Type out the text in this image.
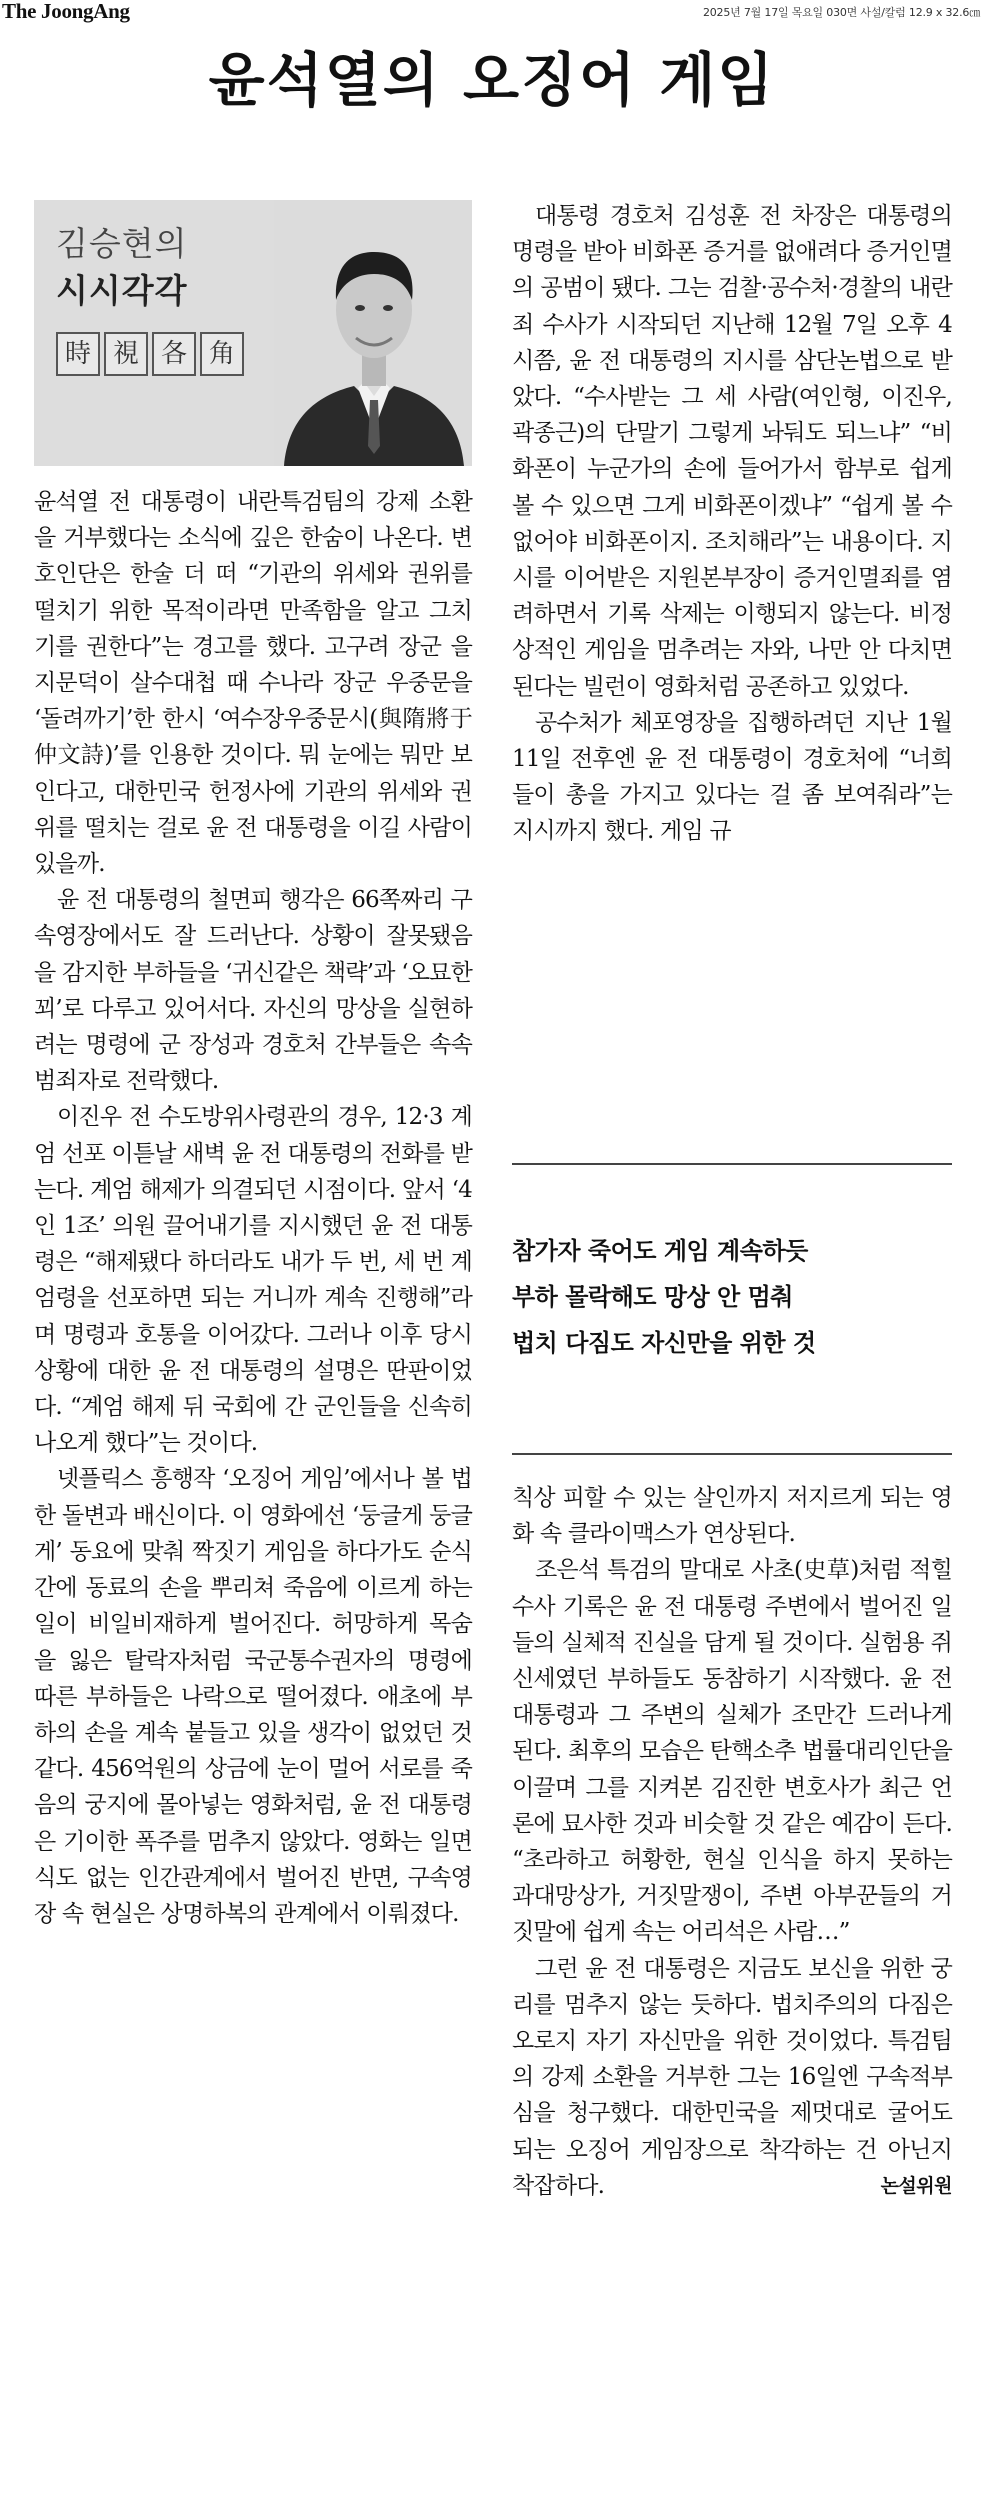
The JoongAng	2025년 7월 17일 목요일 030면 사설/칼럼 12.9 x 32.6㎝
윤석열의 오징어 게임
김승현의
시시각각
時 視 各 角

윤석열 전 대통령이 내란특검팀의 강제 소환을 거부했다는 소식에 깊은 한숨이 나온다. 변호인단은 한술 더 떠 “기관의 위세와 권위를 떨치기 위한 목적이라면 만족함을 알고 그치기를 권한다”는 경고를 했다. 고구려 장군 을지문덕이 살수대첩 때 수나라 장군 우중문을 ‘돌려까기’한 한시 ‘여수장우중문시(與隋將于仲文詩)’를 인용한 것이다. 뭐 눈에는 뭐만 보인다고, 대한민국 헌정사에 기관의 위세와 권위를 떨치는 걸로 윤 전 대통령을 이길 사람이 있을까.

윤 전 대통령의 철면피 행각은 66쪽짜리 구속영장에서도 잘 드러난다. 상황이 잘못됐음을 감지한 부하들을 ‘귀신같은 책략’과 ‘오묘한 꾀’로 다루고 있어서다. 자신의 망상을 실현하려는 명령에 군 장성과 경호처 간부들은 속속 범죄자로 전락했다.

이진우 전 수도방위사령관의 경우, 12·3 계엄 선포 이튿날 새벽 윤 전 대통령의 전화를 받는다. 계엄 해제가 의결되던 시점이다. 앞서 ‘4인 1조’ 의원 끌어내기를 지시했던 윤 전 대통령은 “해제됐다 하더라도 내가 두 번, 세 번 계엄령을 선포하면 되는 거니까 계속 진행해”라며 명령과 호통을 이어갔다. 그러나 이후 당시 상황에 대한 윤 전 대통령의 설명은 딴판이었다. “계엄 해제 뒤 국회에 간 군인들을 신속히 나오게 했다”는 것이다.

넷플릭스 흥행작 ‘오징어 게임’에서나 볼 법한 돌변과 배신이다. 이 영화에선 ‘둥글게 둥글게’ 동요에 맞춰 짝짓기 게임을 하다가도 순식간에 동료의 손을 뿌리쳐 죽음에 이르게 하는 일이 비일비재하게 벌어진다. 허망하게 목숨을 잃은 탈락자처럼 국군통수권자의 명령에 따른 부하들은 나락으로 떨어졌다. 애초에 부하의 손을 계속 붙들고 있을 생각이 없었던 것 같다. 456억원의 상금에 눈이 멀어 서로를 죽음의 궁지에 몰아넣는 영화처럼, 윤 전 대통령은 기이한 폭주를 멈추지 않았다. 영화는 일면식도 없는 인간관계에서 벌어진 반면, 구속영장 속 현실은 상명하복의 관계에서 이뤄졌다.

대통령 경호처 김성훈 전 차장은 대통령의 명령을 받아 비화폰 증거를 없애려다 증거인멸의 공범이 됐다. 그는 검찰·공수처·경찰의 내란죄 수사가 시작되던 지난해 12월 7일 오후 4시쯤, 윤 전 대통령의 지시를 삼단논법으로 받았다. “수사받는 그 세 사람(여인형, 이진우, 곽종근)의 단말기 그렇게 놔둬도 되느냐” “비화폰이 누군가의 손에 들어가서 함부로 쉽게 볼 수 있으면 그게 비화폰이겠냐” “쉽게 볼 수 없어야 비화폰이지. 조치해라”는 내용이다. 지시를 이어받은 지원본부장이 증거인멸죄를 염려하면서 기록 삭제는 이행되지 않는다. 비정상적인 게임을 멈추려는 자와, 나만 안 다치면 된다는 빌런이 영화처럼 공존하고 있었다.

공수처가 체포영장을 집행하려던 지난 1월 11일 전후엔 윤 전 대통령이 경호처에 “너희들이 총을 가지고 있다는 걸 좀 보여줘라”는 지시까지 했다. 게임 규

참가자 죽어도 게임 계속하듯
부하 몰락해도 망상 안 멈춰
법치 다짐도 자신만을 위한 것

칙상 피할 수 있는 살인까지 저지르게 되는 영화 속 클라이맥스가 연상된다.

조은석 특검의 말대로 사초(史草)처럼 적힐 수사 기록은 윤 전 대통령 주변에서 벌어진 일들의 실체적 진실을 담게 될 것이다. 실험용 쥐 신세였던 부하들도 동참하기 시작했다. 윤 전 대통령과 그 주변의 실체가 조만간 드러나게 된다. 최후의 모습은 탄핵소추 법률대리인단을 이끌며 그를 지켜본 김진한 변호사가 최근 언론에 묘사한 것과 비슷할 것 같은 예감이 든다. “초라하고 허황한, 현실 인식을 하지 못하는 과대망상가, 거짓말쟁이, 주변 아부꾼들의 거짓말에 쉽게 속는 어리석은 사람…”

그런 윤 전 대통령은 지금도 보신을 위한 궁리를 멈추지 않는 듯하다. 법치주의의 다짐은 오로지 자기 자신만을 위한 것이었다. 특검팀의 강제 소환을 거부한 그는 16일엔 구속적부심을 청구했다. 대한민국을 제멋대로 굴어도 되는 오징어 게임장으로 착각하는 건 아닌지 착잡하다.	논설위원
